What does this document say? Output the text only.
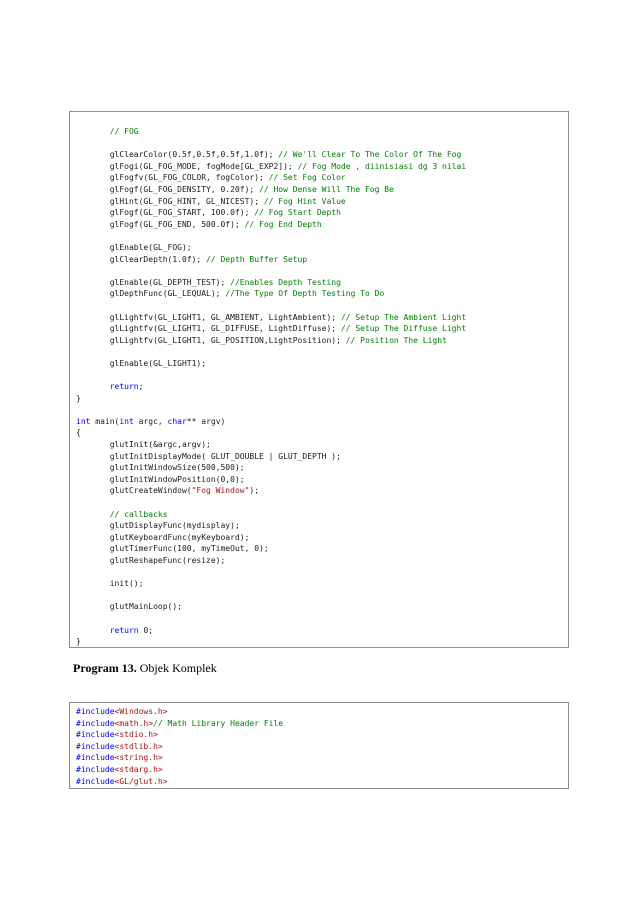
// FOG
glClearColor(0.5f,0.5f,0.5f,1.0f); // We'll Clear To The Color Of The Fog
glFogi(GL_FOG_MODE, fogMode[GL_EXP2]); // Fog Mode , diinisiasi dg 3 nilai
glFogfv(GL_FOG_COLOR, fogColor); // Set Fog Color
glFogf(GL_FOG_DENSITY, 0.20f); // How Dense Will The Fog Be
glHint(GL_FOG_HINT, GL_NICEST); // Fog Hint Value
glFogf(GL_FOG_START, 100.0f); // Fog Start Depth
glFogf(GL_FOG_END, 500.0f); // Fog End Depth
glEnable(GL_FOG);
glClearDepth(1.0f); // Depth Buffer Setup
glEnable(GL_DEPTH_TEST); //Enables Depth Testing
glDepthFunc(GL_LEQUAL); //The Type Of Depth Testing To Do
glLightfv(GL_LIGHT1, GL_AMBIENT, LightAmbient); // Setup The Ambient Light
glLightfv(GL_LIGHT1, GL_DIFFUSE, LightDiffuse); // Setup The Diffuse Light
glLightfv(GL_LIGHT1, GL_POSITION,LightPosition); // Position The Light
glEnable(GL_LIGHT1);
return;
}
int main(int argc, char** argv)
{
glutInit(&argc,argv);
glutInitDisplayMode( GLUT_DOUBLE | GLUT_DEPTH );
glutInitWindowSize(500,500);
glutInitWindowPosition(0,0);
glutCreateWindow("Fog Window");
// callbacks
glutDisplayFunc(mydisplay);
glutKeyboardFunc(myKeyboard);
glutTimerFunc(100, myTimeOut, 0);
glutReshapeFunc(resize);
init();
glutMainLoop();
return 0;
}

Program 13. Objek Komplek

#include<Windows.h>
#include<math.h>// Math Library Header File
#include<stdio.h>
#include<stdlib.h>
#include<string.h>
#include<stdarg.h>
#include<GL/glut.h>
